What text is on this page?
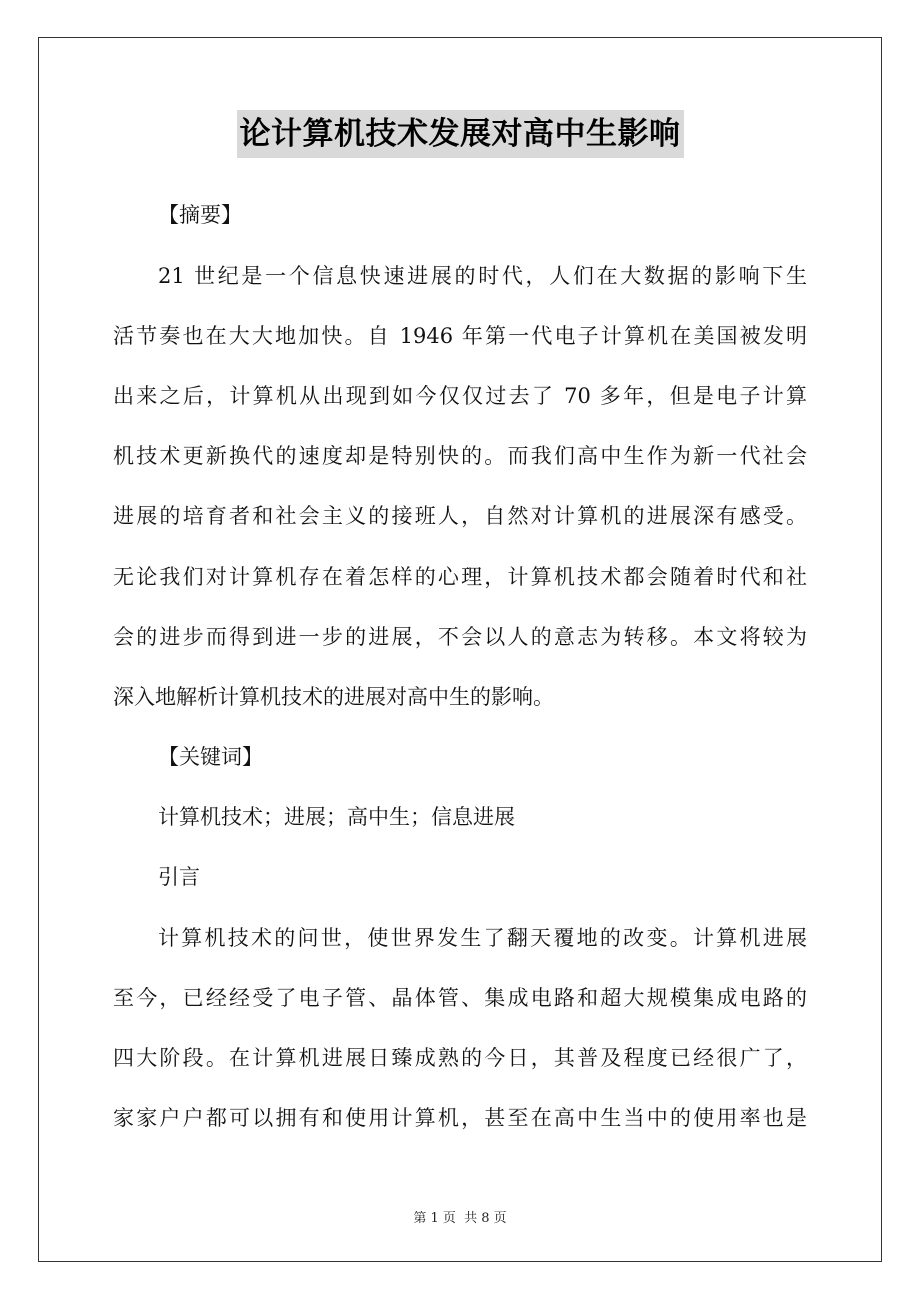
论计算机技术发展对高中生影响
【摘要】
21 世纪是一个信息快速进展的时代，人们在大数据的影响下生
活节奏也在大大地加快。自 1946 年第一代电子计算机在美国被发明
出来之后，计算机从出现到如今仅仅过去了 70 多年，但是电子计算
机技术更新换代的速度却是特别快的。而我们高中生作为新一代社会
进展的培育者和社会主义的接班人，自然对计算机的进展深有感受。
无论我们对计算机存在着怎样的心理，计算机技术都会随着时代和社
会的进步而得到进一步的进展，不会以人的意志为转移。本文将较为
深入地解析计算机技术的进展对高中生的影响。
【关键词】
计算机技术；进展；高中生；信息进展
引言
计算机技术的问世，使世界发生了翻天覆地的改变。计算机进展
至今，已经经受了电子管、晶体管、集成电路和超大规模集成电路的
四大阶段。在计算机进展日臻成熟的今日，其普及程度已经很广了，
家家户户都可以拥有和使用计算机，甚至在高中生当中的使用率也是
第 1 页 共 8 页
